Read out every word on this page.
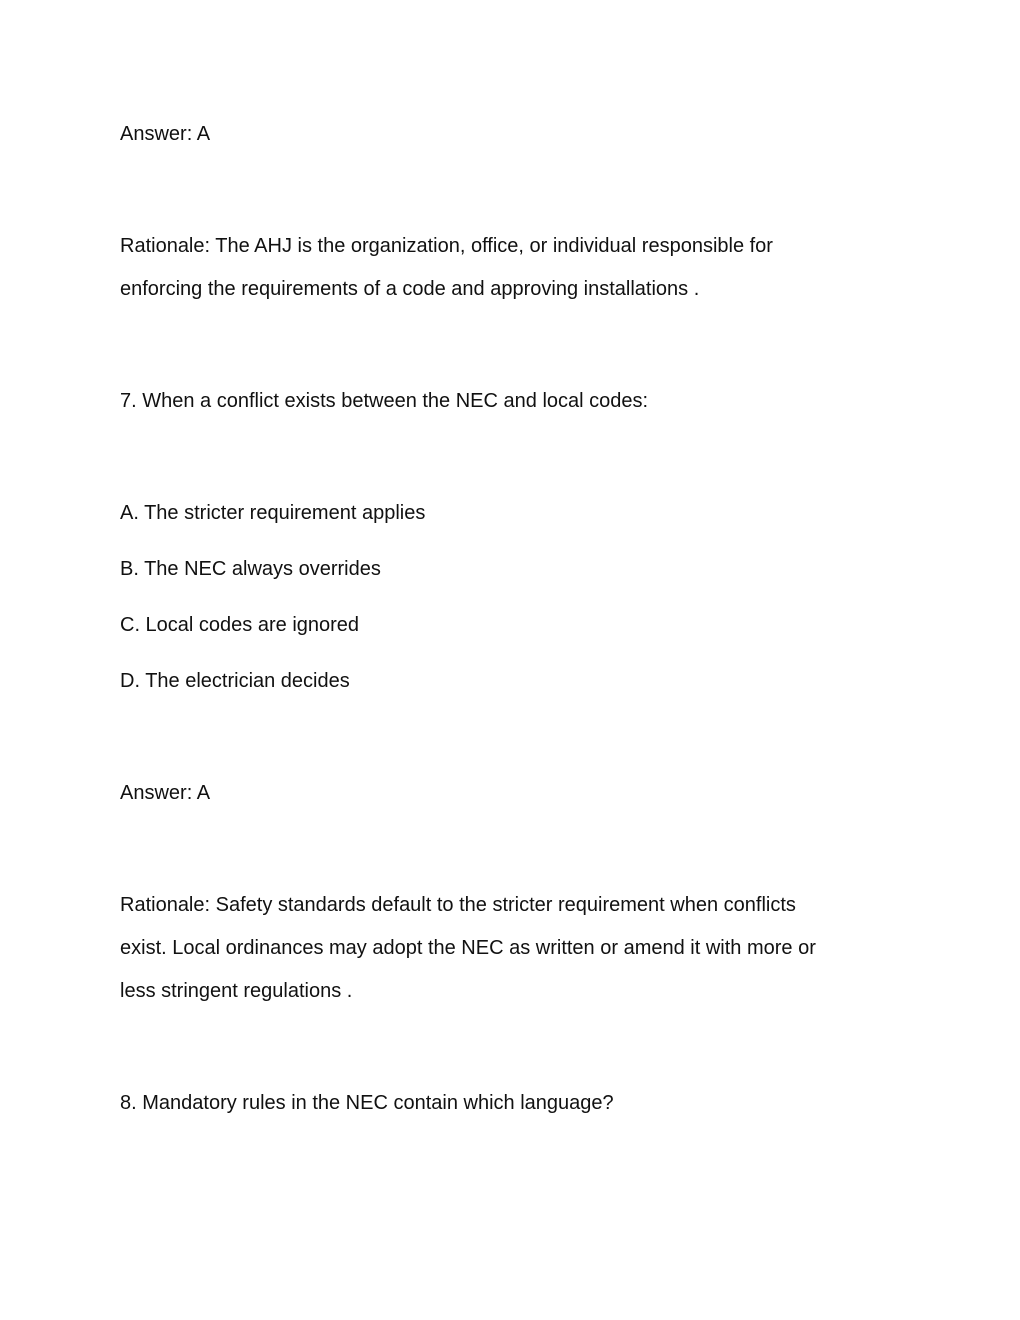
Answer: A
Rationale: The AHJ is the organization, office, or individual responsible for
enforcing the requirements of a code and approving installations .
7. When a conflict exists between the NEC and local codes:
A. The stricter requirement applies
B. The NEC always overrides
C. Local codes are ignored
D. The electrician decides
Answer: A
Rationale: Safety standards default to the stricter requirement when conflicts
exist. Local ordinances may adopt the NEC as written or amend it with more or
less stringent regulations .
8. Mandatory rules in the NEC contain which language?
